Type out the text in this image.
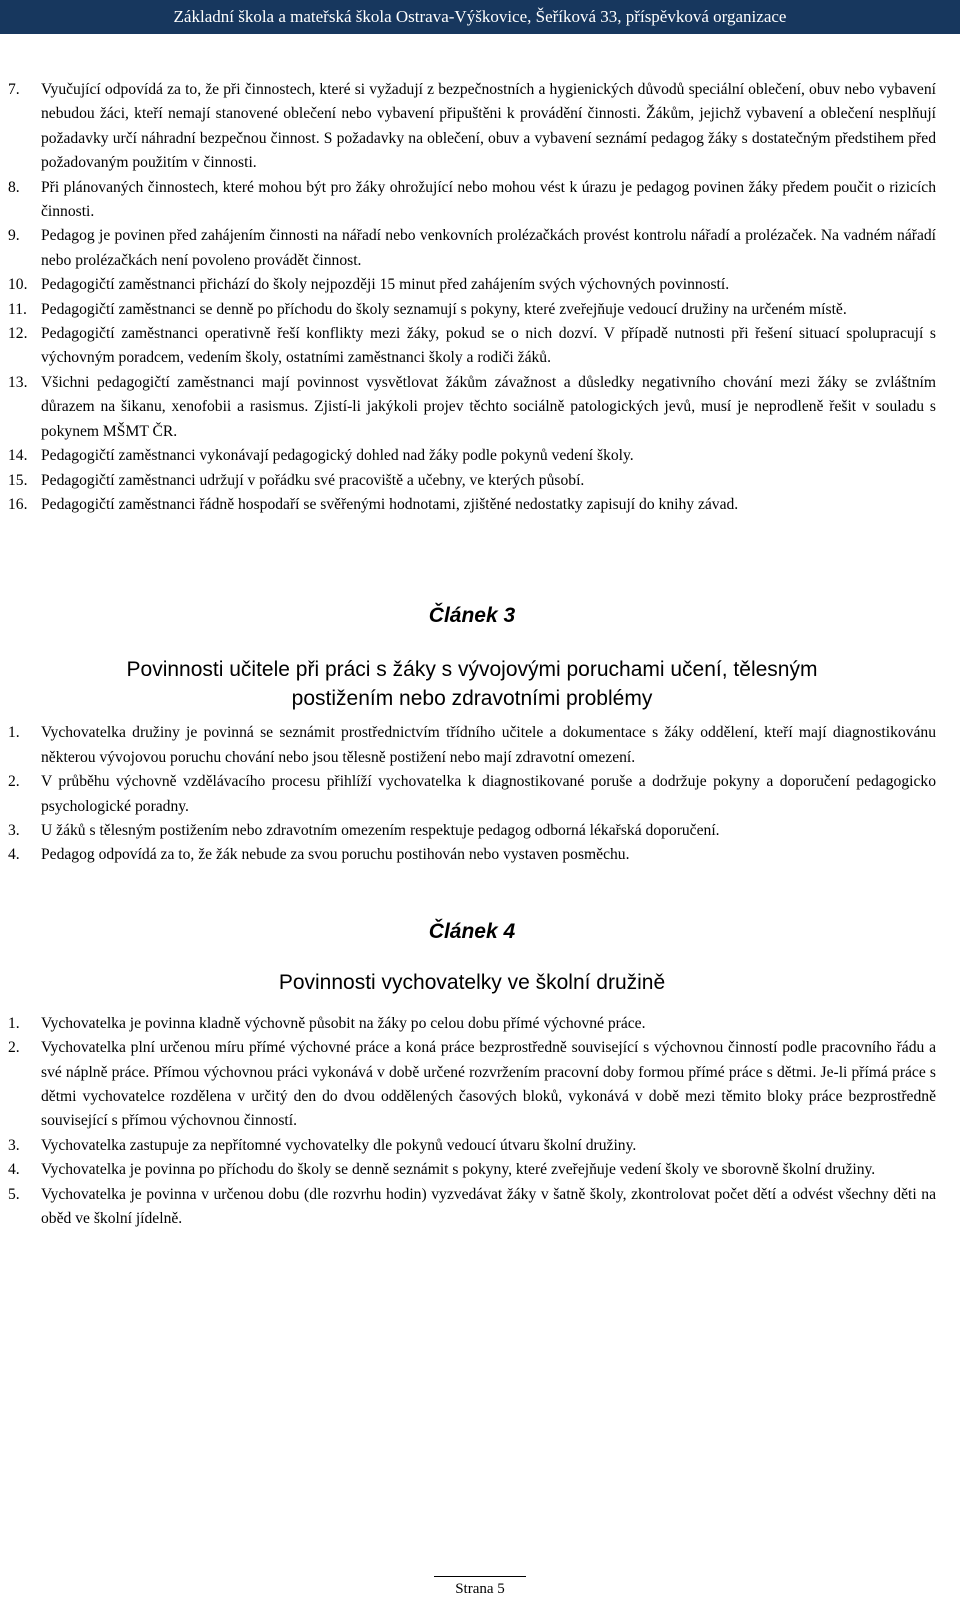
Základní škola a mateřská škola Ostrava-Výškovice, Šeříková 33, příspěvková organizace
7.	Vyučující odpovídá za to, že při činnostech, které si vyžadují z bezpečnostních a hygienických důvodů speciální oblečení, obuv nebo vybavení nebudou žáci, kteří nemají stanovené oblečení nebo vybavení připuštěni k provádění činnosti. Žákům, jejichž vybavení a oblečení nesplňují požadavky určí náhradní bezpečnou činnost. S požadavky na oblečení, obuv a vybavení seznámí pedagog žáky s dostatečným předstihem před požadovaným použitím v činnosti.
8.	Při plánovaných činnostech, které mohou být pro žáky ohrožující nebo mohou vést k úrazu je pedagog povinen žáky předem poučit o rizicích činnosti.
9.	Pedagog je povinen před zahájením činnosti na nářadí nebo venkovních prolézačkách provést kontrolu nářadí a prolézaček. Na vadném nářadí nebo prolézačkách není povoleno provádět činnost.
10. Pedagogičtí zaměstnanci přichází do školy nejpozději 15 minut před zahájením svých výchovných povinností.
11. Pedagogičtí zaměstnanci se denně po příchodu do školy seznamují s pokyny, které zveřejňuje vedoucí družiny na určeném místě.
12. Pedagogičtí zaměstnanci operativně řeší konflikty mezi žáky, pokud se o nich dozví. V případě nutnosti při řešení situací spolupracují s výchovným poradcem, vedením školy, ostatními zaměstnanci školy a rodiči žáků.
13. Všichni pedagogičtí zaměstnanci mají povinnost vysvětlovat žákům závažnost a důsledky negativního chování mezi žáky se zvláštním důrazem na šikanu, xenofobii a rasismus. Zjistí-li jakýkoli projev těchto sociálně patologických jevů, musí je neprodleně řešit v souladu s pokynem MŠMT ČR.
14. Pedagogičtí zaměstnanci vykonávají pedagogický dohled nad žáky podle pokynů vedení školy.
15. Pedagogičtí zaměstnanci udržují v pořádku své pracoviště a učebny, ve kterých působí.
16. Pedagogičtí zaměstnanci řádně hospodaří se svěřenými hodnotami, zjištěné nedostatky zapisují do knihy závad.
Článek 3
Povinnosti učitele při práci s žáky s vývojovými poruchami učení, tělesným postižením nebo zdravotními problémy
1.	Vychovatelka družiny je povinná se seznámit prostřednictvím třídního učitele a dokumentace s žáky oddělení, kteří mají diagnostikovánu některou vývojovou poruchu chování nebo jsou tělesně postižení nebo mají zdravotní omezení.
2.	V průběhu výchovně vzdělávacího procesu přihlíží vychovatelka k diagnostikované poruše a dodržuje pokyny a doporučení pedagogicko psychologické poradny.
3.	U žáků s tělesným postižením nebo zdravotním omezením respektuje pedagog odborná lékařská doporučení.
4.	Pedagog odpovídá za to, že žák nebude za svou poruchu postihován nebo vystaven posměchu.
Článek 4
Povinnosti vychovatelky ve školní družině
1.	Vychovatelka je povinna kladně výchovně působit na žáky po celou dobu přímé výchovné práce.
2.	Vychovatelka plní určenou míru přímé výchovné práce a koná práce bezprostředně související s výchovnou činností podle pracovního řádu a své náplně práce. Přímou výchovnou práci vykonává v době určené rozvržením pracovní doby formou přímé práce s dětmi. Je-li přímá práce s dětmi vychovatelce rozdělena v určitý den do dvou oddělených časových bloků, vykonává v době mezi těmito bloky práce bezprostředně související s přímou výchovnou činností.
3.	Vychovatelka zastupuje za nepřítomné vychovatelky dle pokynů vedoucí útvaru školní družiny.
4.	Vychovatelka je povinna po příchodu do školy se denně seznámit s pokyny, které zveřejňuje vedení školy ve sborovně školní družiny.
5.	Vychovatelka je povinna v určenou dobu (dle rozvrhu hodin) vyzvedávat žáky v šatně školy, zkontrolovat počet dětí a odvést všechny děti na oběd ve školní jídelně.
Strana 5
